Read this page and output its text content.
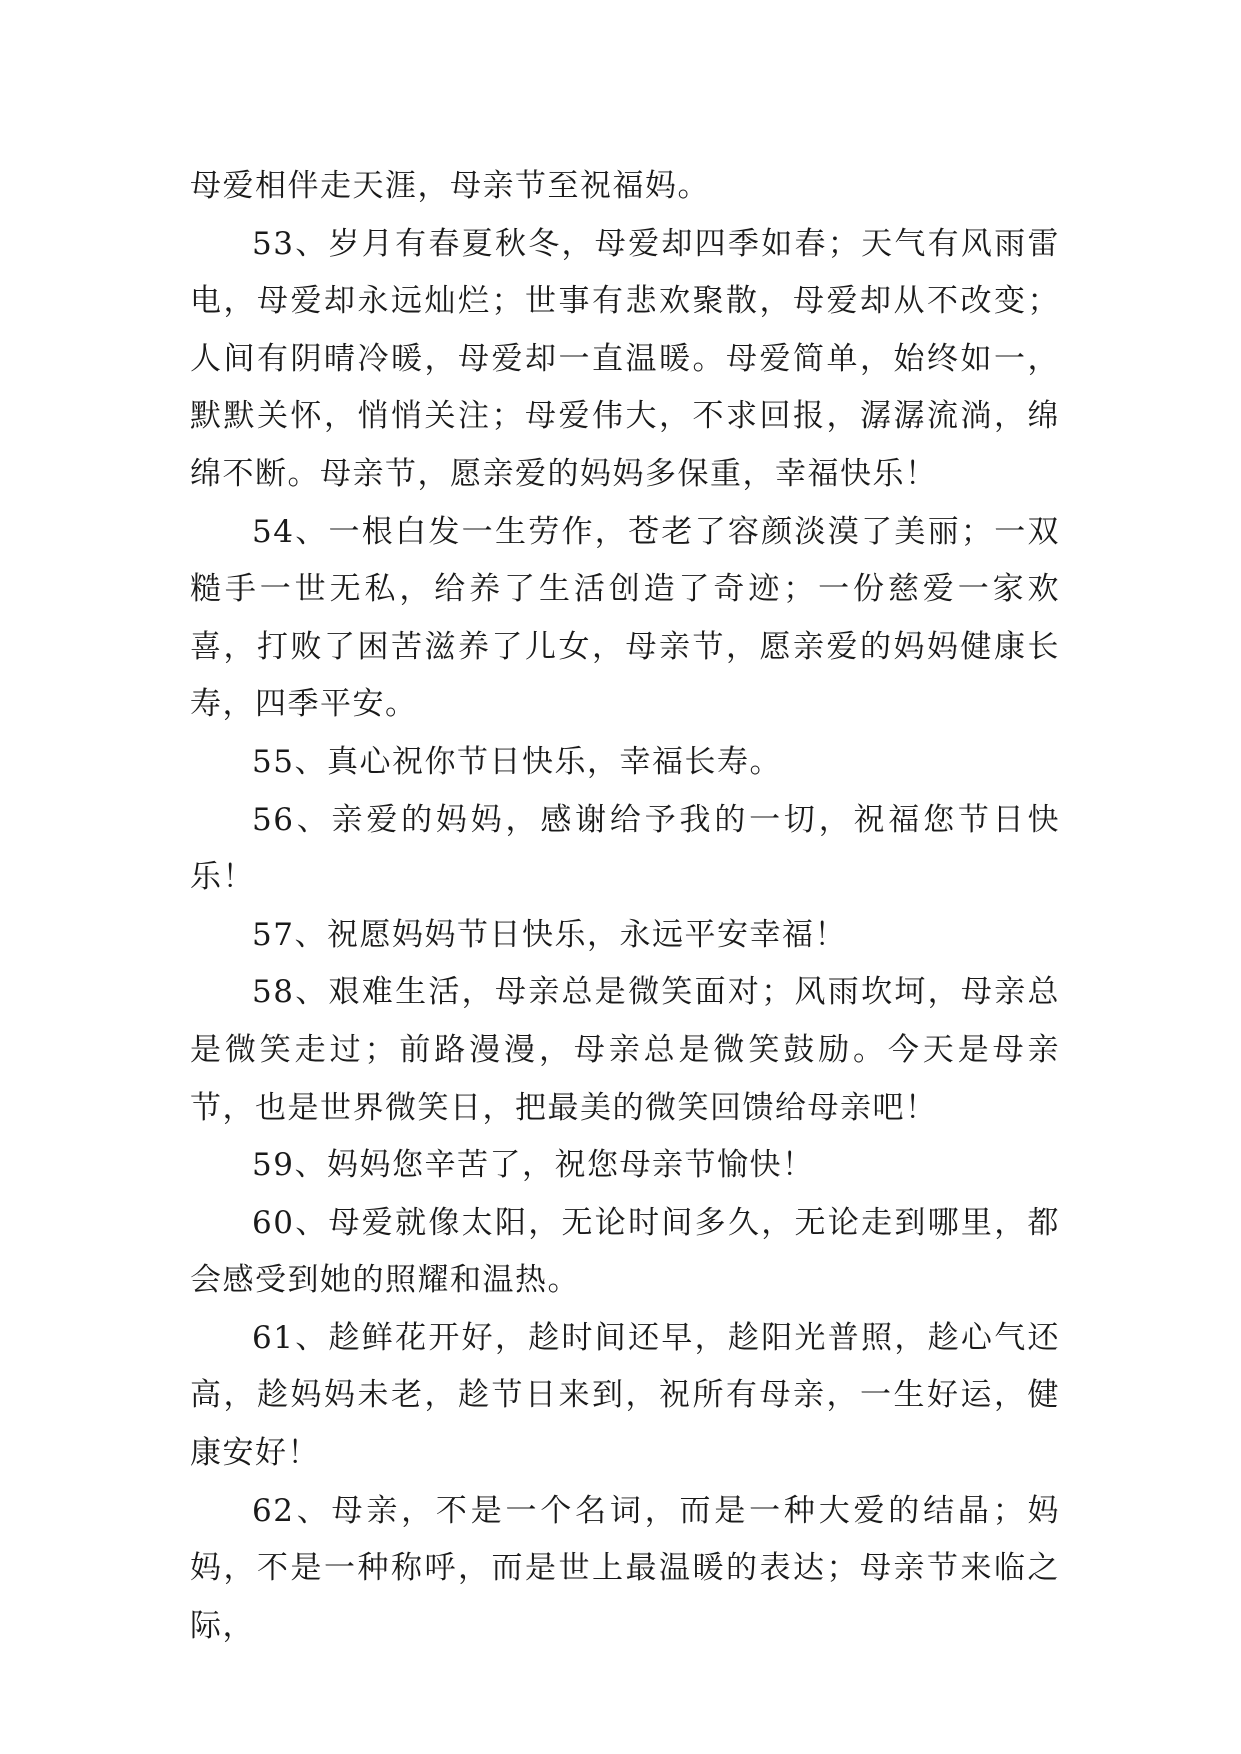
母爱相伴走天涯，母亲节至祝福妈。

53、岁月有春夏秋冬，母爱却四季如春；天气有风雨雷电，母爱却永远灿烂；世事有悲欢聚散，母爱却从不改变；人间有阴晴冷暖，母爱却一直温暖。母爱简单，始终如一，默默关怀，悄悄关注；母爱伟大，不求回报，潺潺流淌，绵绵不断。母亲节，愿亲爱的妈妈多保重，幸福快乐！

54、一根白发一生劳作，苍老了容颜淡漠了美丽；一双糙手一世无私，给养了生活创造了奇迹；一份慈爱一家欢喜，打败了困苦滋养了儿女，母亲节，愿亲爱的妈妈健康长寿，四季平安。

55、真心祝你节日快乐，幸福长寿。

56、亲爱的妈妈，感谢给予我的一切，祝福您节日快乐！

57、祝愿妈妈节日快乐，永远平安幸福！

58、艰难生活，母亲总是微笑面对；风雨坎坷，母亲总是微笑走过；前路漫漫，母亲总是微笑鼓励。今天是母亲节，也是世界微笑日，把最美的微笑回馈给母亲吧！

59、妈妈您辛苦了，祝您母亲节愉快！

60、母爱就像太阳，无论时间多久，无论走到哪里，都会感受到她的照耀和温热。

61、趁鲜花开好，趁时间还早，趁阳光普照，趁心气还高，趁妈妈未老，趁节日来到，祝所有母亲，一生好运，健康安好！

62、母亲，不是一个名词，而是一种大爱的结晶；妈妈，不是一种称呼，而是世上最温暖的表达；母亲节来临之际，
